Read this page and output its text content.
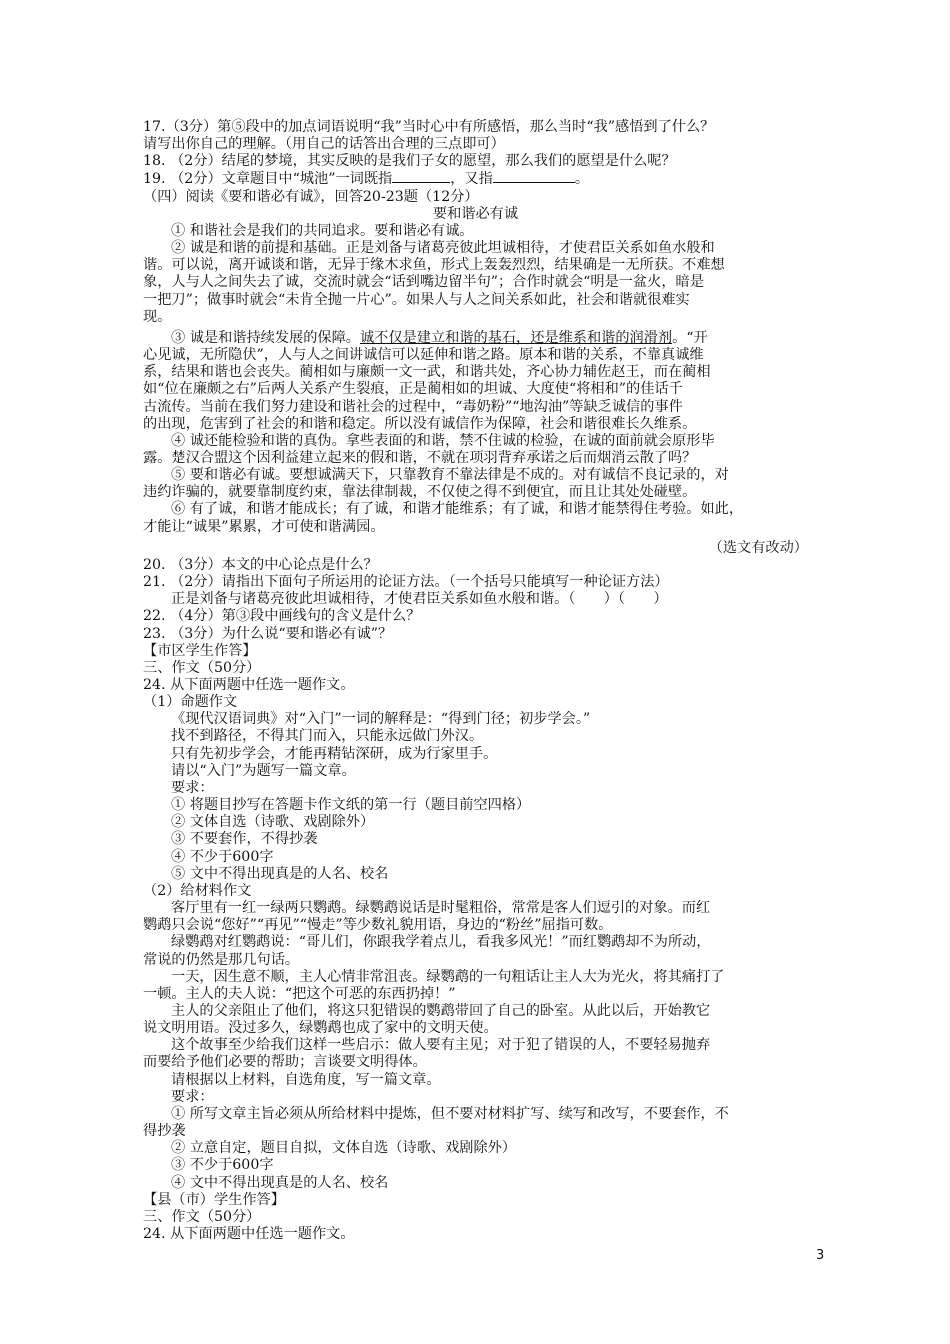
17.（3分）第⑤段中的加点词语说明“我”当时心中有所感悟，那么当时“我”感悟到了什么？
请写出你自己的理解。（用自己的话答出合理的三点即可）
18. （2分）结尾的梦境，其实反映的是我们子女的愿望，那么我们的愿望是什么呢？
19. （2分）文章题目中“城池”一词既指	，又指	。
（四）阅读《要和谐必有诚》，回答20-23题（12分）
要和谐必有诚
① 和谐社会是我们的共同追求。要和谐必有诚。
② 诚是和谐的前提和基础。正是刘备与诸葛亮彼此坦诚相待，才使君臣关系如鱼水般和
谐。可以说，离开诚谈和谐，无异于缘木求鱼，形式上轰轰烈烈，结果确是一无所获。不难想
象，人与人之间失去了诚，交流时就会“话到嘴边留半句”；合作时就会“明是一盆火，暗是
一把刀”；做事时就会“未肯全抛一片心”。如果人与人之间关系如此，社会和谐就很难实
现。
③ 诚是和谐持续发展的保障。诚不仅是建立和谐的基石，还是维系和谐的润滑剂。“开
心见诚，无所隐伏”，人与人之间讲诚信可以延伸和谐之路。原本和谐的关系，不靠真诚维
系，结果和谐也会丧失。蔺相如与廉颇一文一武，和谐共处，齐心协力辅佐赵王，而在蔺相
如“位在廉颇之右”后两人关系产生裂痕，正是蔺相如的坦诚、大度使“将相和”的佳话千
古流传。当前在我们努力建设和谐社会的过程中，“毒奶粉”“地沟油”等缺乏诚信的事件
的出现，危害到了社会的和谐和稳定。所以没有诚信作为保障，社会和谐很难长久维系。
④ 诚还能检验和谐的真伪。拿些表面的和谐，禁不住诚的检验，在诚的面前就会原形毕
露。楚汉合盟这个因利益建立起来的假和谐，不就在项羽背弃承诺之后而烟消云散了吗？
⑤ 要和谐必有诚。要想诚满天下，只靠教育不靠法律是不成的。对有诚信不良记录的，对
违约诈骗的，就要靠制度约束，靠法律制裁，不仅使之得不到便宜，而且让其处处碰壁。
⑥ 有了诚，和谐才能成长；有了诚，和谐才能维系；有了诚，和谐才能禁得住考验。如此，
才能让“诚果”累累，才可使和谐满园。
（选文有改动）
20. （3分）本文的中心论点是什么？
21. （2分）请指出下面句子所运用的论证方法。（一个括号只能填写一种论证方法）
正是刘备与诸葛亮彼此坦诚相待，才使君臣关系如鱼水般和谐。（　　）（　　）
22. （4分）第③段中画线句的含义是什么？
23. （3分）为什么说“要和谐必有诚”？
【市区学生作答】
三、作文（50分）
24. 从下面两题中任选一题作文。
（1）命题作文
《现代汉语词典》对“入门”一词的解释是：“得到门径；初步学会。”
找不到路径，不得其门而入，只能永远做门外汉。
只有先初步学会，才能再精钻深研，成为行家里手。
请以“入门”为题写一篇文章。
要求：
① 将题目抄写在答题卡作文纸的第一行（题目前空四格）
② 文体自选（诗歌、戏剧除外）
③ 不要套作，不得抄袭
④ 不少于600字
⑤ 文中不得出现真是的人名、校名
（2）给材料作文
客厅里有一红一绿两只鹦鹉。绿鹦鹉说话是时髦粗俗，常常是客人们逗引的对象。而红
鹦鹉只会说“您好”“再见”“慢走”等少数礼貌用语，身边的“粉丝”屈指可数。
绿鹦鹉对红鹦鹉说：“哥儿们，你跟我学着点儿，看我多风光！”而红鹦鹉却不为所动，
常说的仍然是那几句话。
一天，因生意不顺，主人心情非常沮丧。绿鹦鹉的一句粗话让主人大为光火，将其痛打了
一顿。主人的夫人说：“把这个可恶的东西扔掉！”
主人的父亲阻止了他们，将这只犯错误的鹦鹉带回了自己的卧室。从此以后，开始教它
说文明用语。没过多久，绿鹦鹉也成了家中的文明天使。
这个故事至少给我们这样一些启示：做人要有主见；对于犯了错误的人，不要轻易抛弃
而要给予他们必要的帮助；言谈要文明得体。
请根据以上材料，自选角度，写一篇文章。
要求：
① 所写文章主旨必须从所给材料中提炼，但不要对材料扩写、续写和改写，不要套作，不
得抄袭
② 立意自定，题目自拟，文体自选（诗歌、戏剧除外）
③ 不少于600字
④ 文中不得出现真是的人名、校名
【县（市）学生作答】
三、作文（50分）
24. 从下面两题中任选一题作文。
3
